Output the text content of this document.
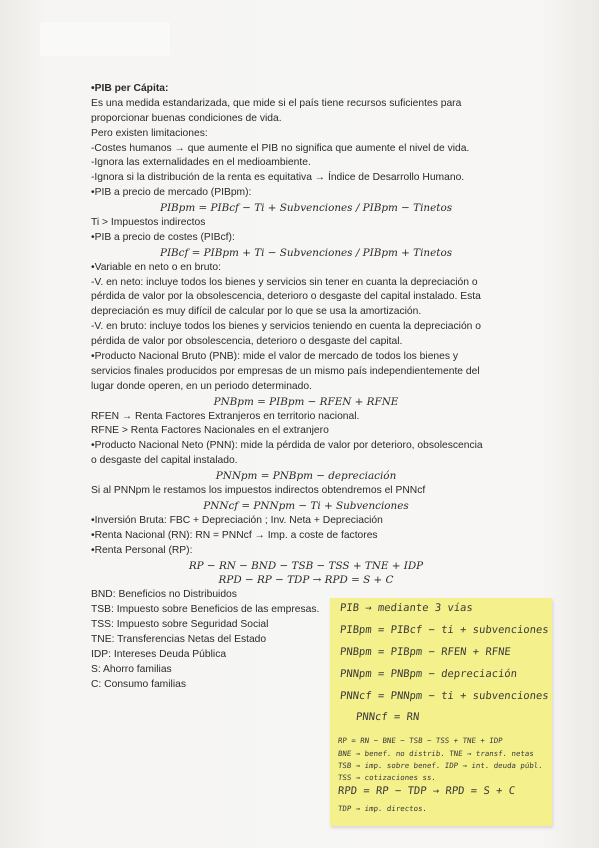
•PIB per Cápita:
Es una medida estandarizada, que mide si el país tiene recursos suficientes para
proporcionar buenas condiciones de vida.
Pero existen limitaciones:
-Costes humanos → que aumente el PIB no significa que aumente el nivel de vida.
-Ignora las externalidades en el medioambiente.
-Ignora si la distribución de la renta es equitativa → Índice de Desarrollo Humano.
•PIB a precio de mercado (PIBpm):
PIBpm = PIBcf − Ti + Subvenciones / PIBpm − Tinetos
Ti > Impuestos indirectos
•PIB a precio de costes (PIBcf):
PIBcf = PIBpm + Ti − Subvenciones / PIBpm + Tinetos
•Variable en neto o en bruto:
-V. en neto: incluye todos los bienes y servicios sin tener en cuanta la depreciación o
pérdida de valor por la obsolescencia, deterioro o desgaste del capital instalado. Esta
depreciación es muy difícil de calcular por lo que se usa la amortización.
-V. en bruto: incluye todos los bienes y servicios teniendo en cuenta la depreciación o
pérdida de valor por obsolescencia, deterioro o desgaste del capital.
•Producto Nacional Bruto (PNB): mide el valor de mercado de todos los bienes y
servicios finales producidos por empresas de un mismo país independientemente del
lugar donde operen, en un periodo determinado.
PNBpm = PIBpm − RFEN + RFNE
RFEN → Renta Factores Extranjeros en territorio nacional.
RFNE > Renta Factores Nacionales en el extranjero
•Producto Nacional Neto (PNN): mide la pérdida de valor por deterioro, obsolescencia
o desgaste del capital instalado.
PNNpm = PNBpm − depreciación
Si al PNNpm le restamos los impuestos indirectos obtendremos el PNNcf
PNNcf = PNNpm − Ti + Subvenciones
•Inversión Bruta: FBC + Depreciación ; Inv. Neta + Depreciación
•Renta Nacional (RN): RN = PNNcf → Imp. a coste de factores
•Renta Personal (RP):
RP − RN − BND − TSB − TSS + TNE + IDP
RPD − RP − TDP → RPD = S + C
BND: Beneficios no Distribuidos
TSB: Impuesto sobre Beneficios de las empresas.
TSS: Impuesto sobre Seguridad Social
TNE: Transferencias Netas del Estado
IDP: Intereses Deuda Pública
S: Ahorro familias
C: Consumo familias
PIB → mediante 3 vías
PIBpm = PIBcf − ti + subvenciones
PNBpm = PIBpm − RFEN + RFNE
PNNpm = PNBpm − depreciación
PNNcf = PNNpm − ti + subvenciones
PNNcf = RN
RP = RN − BNE − TSB − TSS + TNE + IDP
BNE → benef. no distrib. TNE → transf. netas
TSB → imp. sobre benef. IDP → int. deuda públ.
TSS → cotizaciones ss.
RPD = RP − TDP → RPD = S + C
TDP → imp. directos.
